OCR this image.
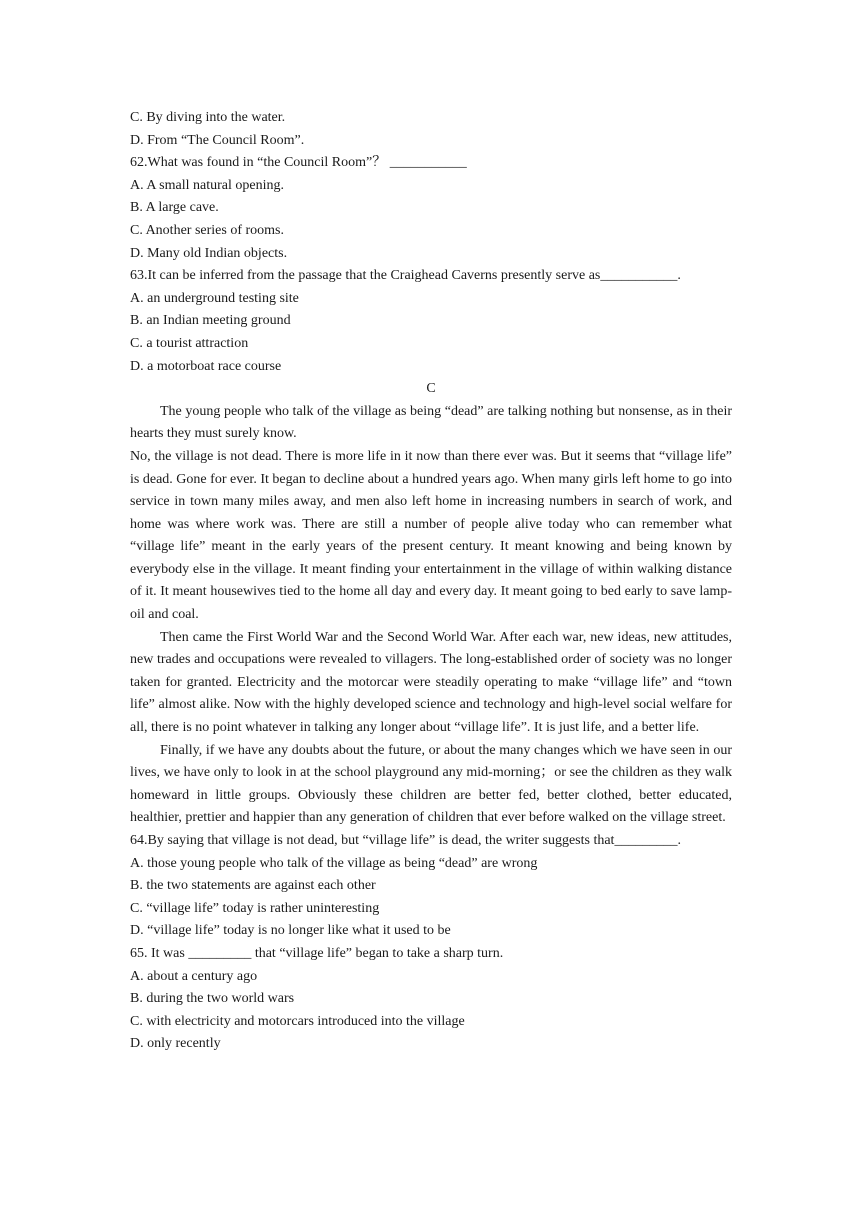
C. By diving into the water.
D. From “The Council Room”.
62.What was found in “the Council Room”？ ___________
A. A small natural opening.
B. A large cave.
C. Another series of rooms.
D. Many old Indian objects.
63.It can be inferred from the passage that the Craighead Caverns presently serve as___________.
A. an underground testing site
B. an Indian meeting ground
C. a tourist attraction
D. a motorboat race course
C
The young people who talk of the village as being “dead” are talking nothing but nonsense, as in their hearts they must surely know.
No, the village is not dead. There is more life in it now than there ever was. But it seems that “village life” is dead. Gone for ever. It began to decline about a hundred years ago. When many girls left home to go into service in town many miles away, and men also left home in increasing numbers in search of work, and home was where work was. There are still a number of people alive today who can remember what “village life” meant in the early years of the present century. It meant knowing and being known by everybody else in the village. It meant finding your entertainment in the village of within walking distance of it. It meant housewives tied to the home all day and every day. It meant going to bed early to save lamp-oil and coal.
Then came the First World War and the Second World War. After each war, new ideas, new attitudes, new trades and occupations were revealed to villagers. The long-established order of society was no longer taken for granted. Electricity and the motorcar were steadily operating to make “village life” and “town life” almost alike. Now with the highly developed science and technology and high-level social welfare for all, there is no point whatever in talking any longer about “village life”. It is just life, and a better life.
Finally, if we have any doubts about the future, or about the many changes which we have seen in our lives, we have only to look in at the school playground any mid-morning；or see the children as they walk homeward in little groups. Obviously these children are better fed, better clothed, better educated, healthier, prettier and happier than any generation of children that ever before walked on the village street.
64.By saying that village is not dead, but “village life” is dead, the writer suggests that_________.
A. those young people who talk of the village as being “dead” are wrong
B. the two statements are against each other
C. “village life” today is rather uninteresting
D. “village life” today is no longer like what it used to be
65. It was _________ that “village life” began to take a sharp turn.
A. about a century ago
B. during the two world wars
C. with electricity and motorcars introduced into the village
D. only recently
